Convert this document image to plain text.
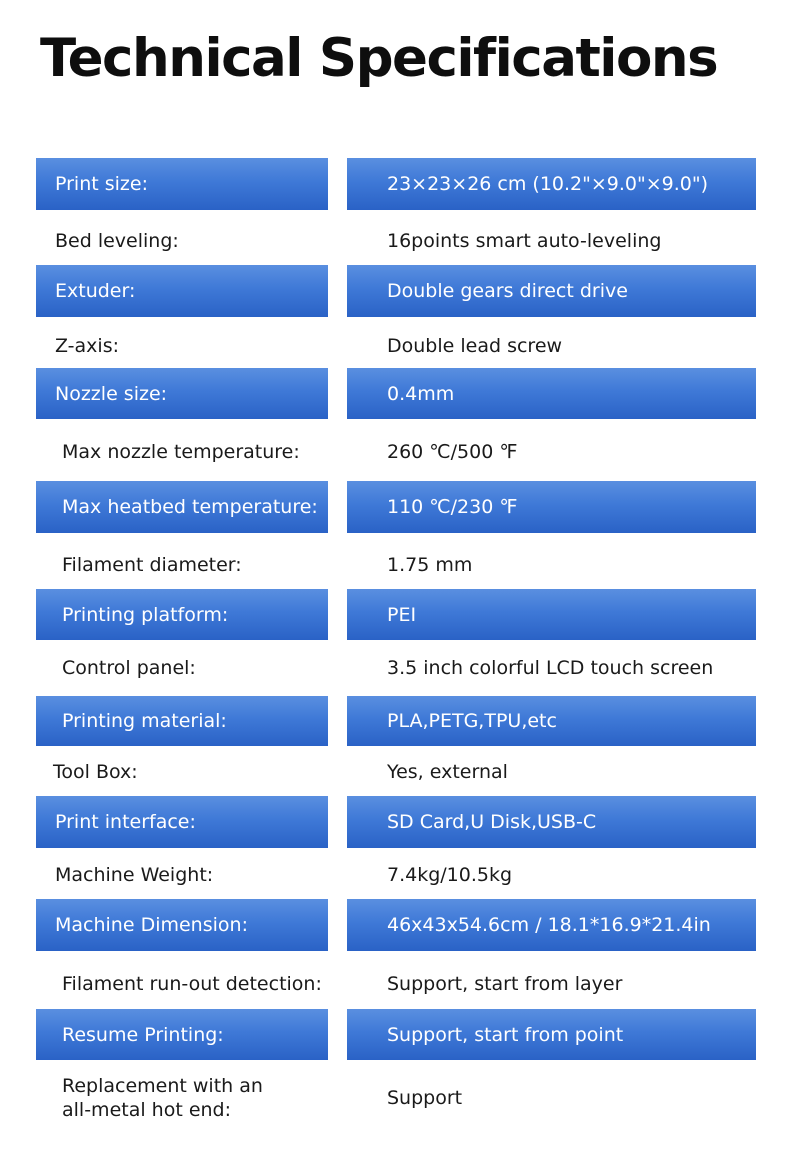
Technical Specifications
Print size:	23×23×26 cm (10.2"×9.0"×9.0")
Bed leveling:	16points smart auto-leveling
Extuder:	Double gears direct drive
Z-axis:	Double lead screw
Nozzle size:	0.4mm
Max nozzle temperature:	260 ℃/500 ℉
Max heatbed temperature:	110 ℃/230 ℉
Filament diameter:	1.75 mm
Printing platform:	PEI
Control panel:	3.5 inch colorful LCD touch screen
Printing material:	PLA,PETG,TPU,etc
Tool Box:	Yes, external
Print interface:	SD Card,U Disk,USB-C
Machine Weight:	7.4kg/10.5kg
Machine Dimension:	46x43x54.6cm / 18.1*16.9*21.4in
Filament run-out detection:	Support, start from layer
Resume Printing:	Support, start from point
Replacement with an all-metal hot end:
Support
